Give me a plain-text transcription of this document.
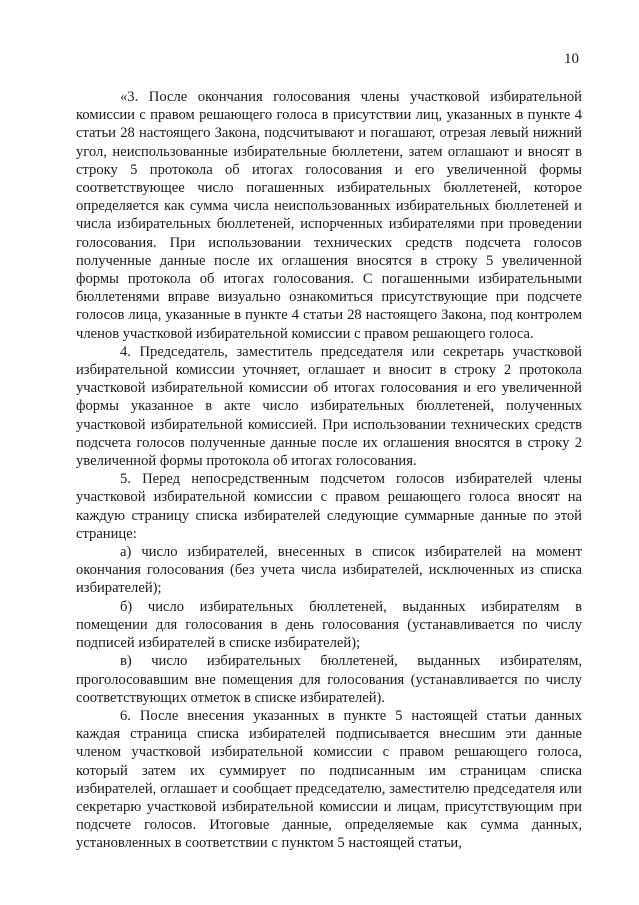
10

«3. После окончания голосования члены участковой избирательной комиссии с правом решающего голоса в присутствии лиц, указанных в пункте 4 статьи 28 настоящего Закона, подсчитывают и погашают, отрезая левый нижний угол, неиспользованные избирательные бюллетени, затем оглашают и вносят в строку 5 протокола об итогах голосования и его увеличенной формы соответствующее число погашенных избирательных бюллетеней, которое определяется как сумма числа неиспользованных избирательных бюллетеней и числа избирательных бюллетеней, испорченных избирателями при проведении голосования. При использовании технических средств подсчета голосов полученные данные после их оглашения вносятся в строку 5 увеличенной формы протокола об итогах голосования. С погашенными избирательными бюллетенями вправе визуально ознакомиться присутствующие при подсчете голосов лица, указанные в пункте 4 статьи 28 настоящего Закона, под контролем членов участковой избирательной комиссии с правом решающего голоса.

4. Председатель, заместитель председателя или секретарь участковой избирательной комиссии уточняет, оглашает и вносит в строку 2 протокола участковой избирательной комиссии об итогах голосования и его увеличенной формы указанное в акте число избирательных бюллетеней, полученных участковой избирательной комиссией. При использовании технических средств подсчета голосов полученные данные после их оглашения вносятся в строку 2 увеличенной формы протокола об итогах голосования.

5. Перед непосредственным подсчетом голосов избирателей члены участковой избирательной комиссии с правом решающего голоса вносят на каждую страницу списка избирателей следующие суммарные данные по этой странице:

а) число избирателей, внесенных в список избирателей на момент окончания голосования (без учета числа избирателей, исключенных из списка избирателей);

б) число избирательных бюллетеней, выданных избирателям в помещении для голосования в день голосования (устанавливается по числу подписей избирателей в списке избирателей);

в) число избирательных бюллетеней, выданных избирателям, проголосовавшим вне помещения для голосования (устанавливается по числу соответствующих отметок в списке избирателей).

6. После внесения указанных в пункте 5 настоящей статьи данных каждая страница списка избирателей подписывается внесшим эти данные членом участковой избирательной комиссии с правом решающего голоса, который затем их суммирует по подписанным им страницам списка избирателей, оглашает и сообщает председателю, заместителю председателя или секретарю участковой избирательной комиссии и лицам, присутствующим при подсчете голосов. Итоговые данные, определяемые как сумма данных, установленных в соответствии с пунктом 5 настоящей статьи,
